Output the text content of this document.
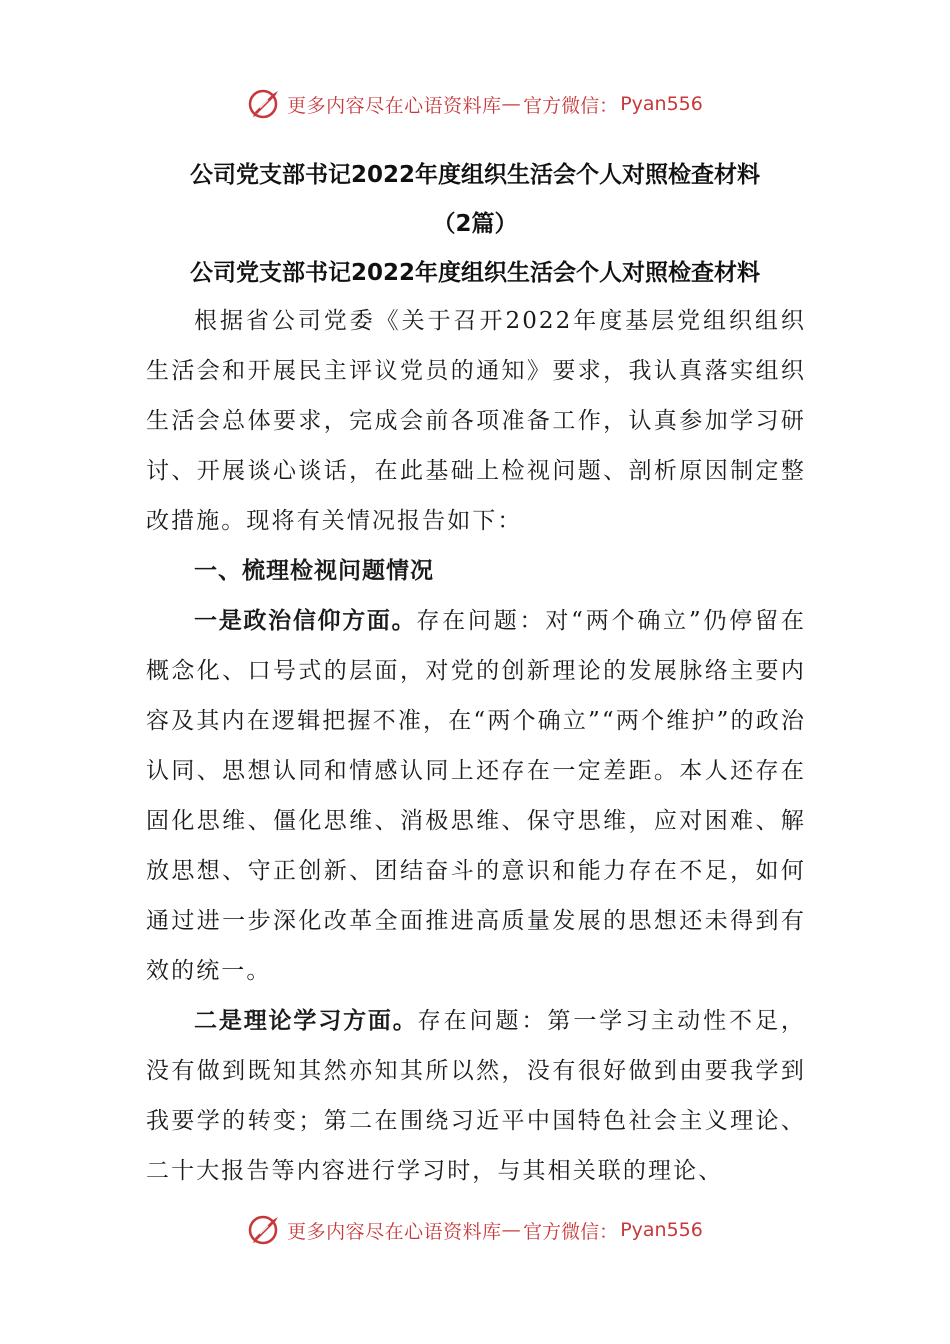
更多内容尽在心语资料库 — 官方微信： Pyan556
公司党支部书记2022年度组织生活会个人对照检查材料
（2篇）
公司党支部书记2022年度组织生活会个人对照检查材料

根据省公司党委《关于召开2022年度基层党组织组织生活会和开展民主评议党员的通知》要求，我认真落实组织生活会总体要求，完成会前各项准备工作，认真参加学习研讨、开展谈心谈话，在此基础上检视问题、剖析原因制定整改措施。现将有关情况报告如下：

一、梳理检视问题情况

一是政治信仰方面。存在问题：对“两个确立”仍停留在概念化、口号式的层面，对党的创新理论的发展脉络主要内容及其内在逻辑把握不准，在“两个确立”“两个维护”的政治认同、思想认同和情感认同上还存在一定差距。本人还存在固化思维、僵化思维、消极思维、保守思维，应对困难、解放思想、守正创新、团结奋斗的意识和能力存在不足，如何通过进一步深化改革全面推进高质量发展的思想还未得到有效的统一。

二是理论学习方面。存在问题：第一学习主动性不足，没有做到既知其然亦知其所以然，没有很好做到由要我学到我要学的转变；第二在围绕习近平中国特色社会主义理论、二十大报告等内容进行学习时，与其相关联的理论、

更多内容尽在心语资料库 — 官方微信： Pyan556
